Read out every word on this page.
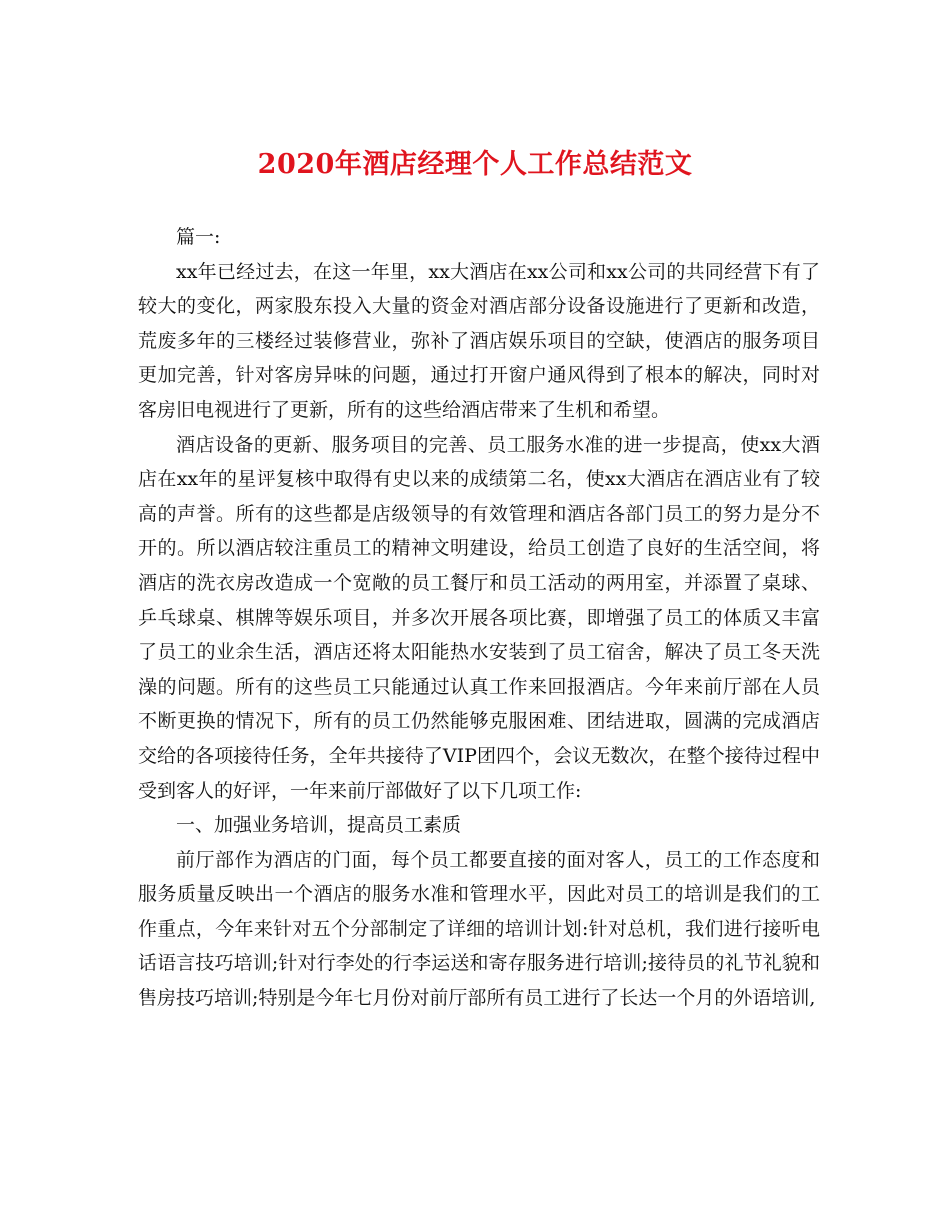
2020年酒店经理个人工作总结范文

篇一:

xx年已经过去，在这一年里，xx大酒店在xx公司和xx公司的共同经营下有了较大的变化，两家股东投入大量的资金对酒店部分设备设施进行了更新和改造，荒废多年的三楼经过装修营业，弥补了酒店娱乐项目的空缺，使酒店的服务项目更加完善，针对客房异味的问题，通过打开窗户通风得到了根本的解决，同时对客房旧电视进行了更新，所有的这些给酒店带来了生机和希望。

酒店设备的更新、服务项目的完善、员工服务水准的进一步提高，使xx大酒店在xx年的星评复核中取得有史以来的成绩第二名，使xx大酒店在酒店业有了较高的声誉。所有的这些都是店级领导的有效管理和酒店各部门员工的努力是分不开的。所以酒店较注重员工的精神文明建设，给员工创造了良好的生活空间，将酒店的洗衣房改造成一个宽敞的员工餐厅和员工活动的两用室，并添置了桌球、乒乓球桌、棋牌等娱乐项目，并多次开展各项比赛，即增强了员工的体质又丰富了员工的业余生活，酒店还将太阳能热水安装到了员工宿舍，解决了员工冬天洗澡的问题。所有的这些员工只能通过认真工作来回报酒店。今年来前厅部在人员不断更换的情况下，所有的员工仍然能够克服困难、团结进取，圆满的完成酒店交给的各项接待任务，全年共接待了VIP团四个，会议无数次，在整个接待过程中受到客人的好评，一年来前厅部做好了以下几项工作:

一、加强业务培训，提高员工素质

前厅部作为酒店的门面，每个员工都要直接的面对客人，员工的工作态度和服务质量反映出一个酒店的服务水准和管理水平，因此对员工的培训是我们的工作重点，今年来针对五个分部制定了详细的培训计划:针对总机，我们进行接听电话语言技巧培训;针对行李处的行李运送和寄存服务进行培训;接待员的礼节礼貌和售房技巧培训;特别是今年七月份对前厅部所有员工进行了长达一个月的外语培训,
